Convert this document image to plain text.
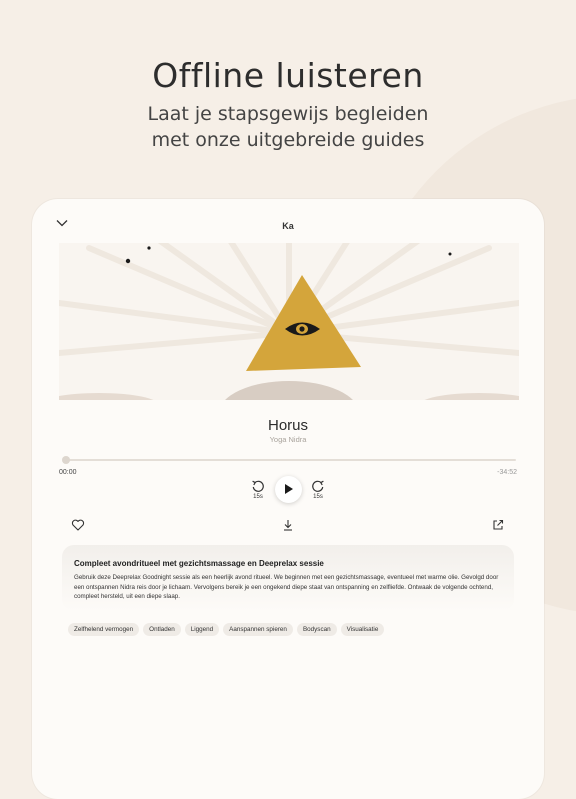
Offline luisteren
Laat je stapsgewijs begleiden
met onze uitgebreide guides
Ka
Horus
Yoga Nidra
00:00	-34:52
15s	15s
Compleet avondritueel met gezichtsmassage en Deeprelax sessie
Gebruik deze Deeprelax Goodnight sessie als een heerlijk avond ritueel. We beginnen met een gezichtsmassage, eventueel met warme olie. Gevolgd door een ontspannen Nidra reis door je lichaam. Vervolgens bereik je een ongekend diepe staat van ontspanning en zelfliefde. Ontwaak de volgende ochtend, compleet hersteld, uit een diepe slaap.
Zelfhelend vermogen	Ontladen	Liggend	Aanspannen spieren	Bodyscan	Visualisatie
